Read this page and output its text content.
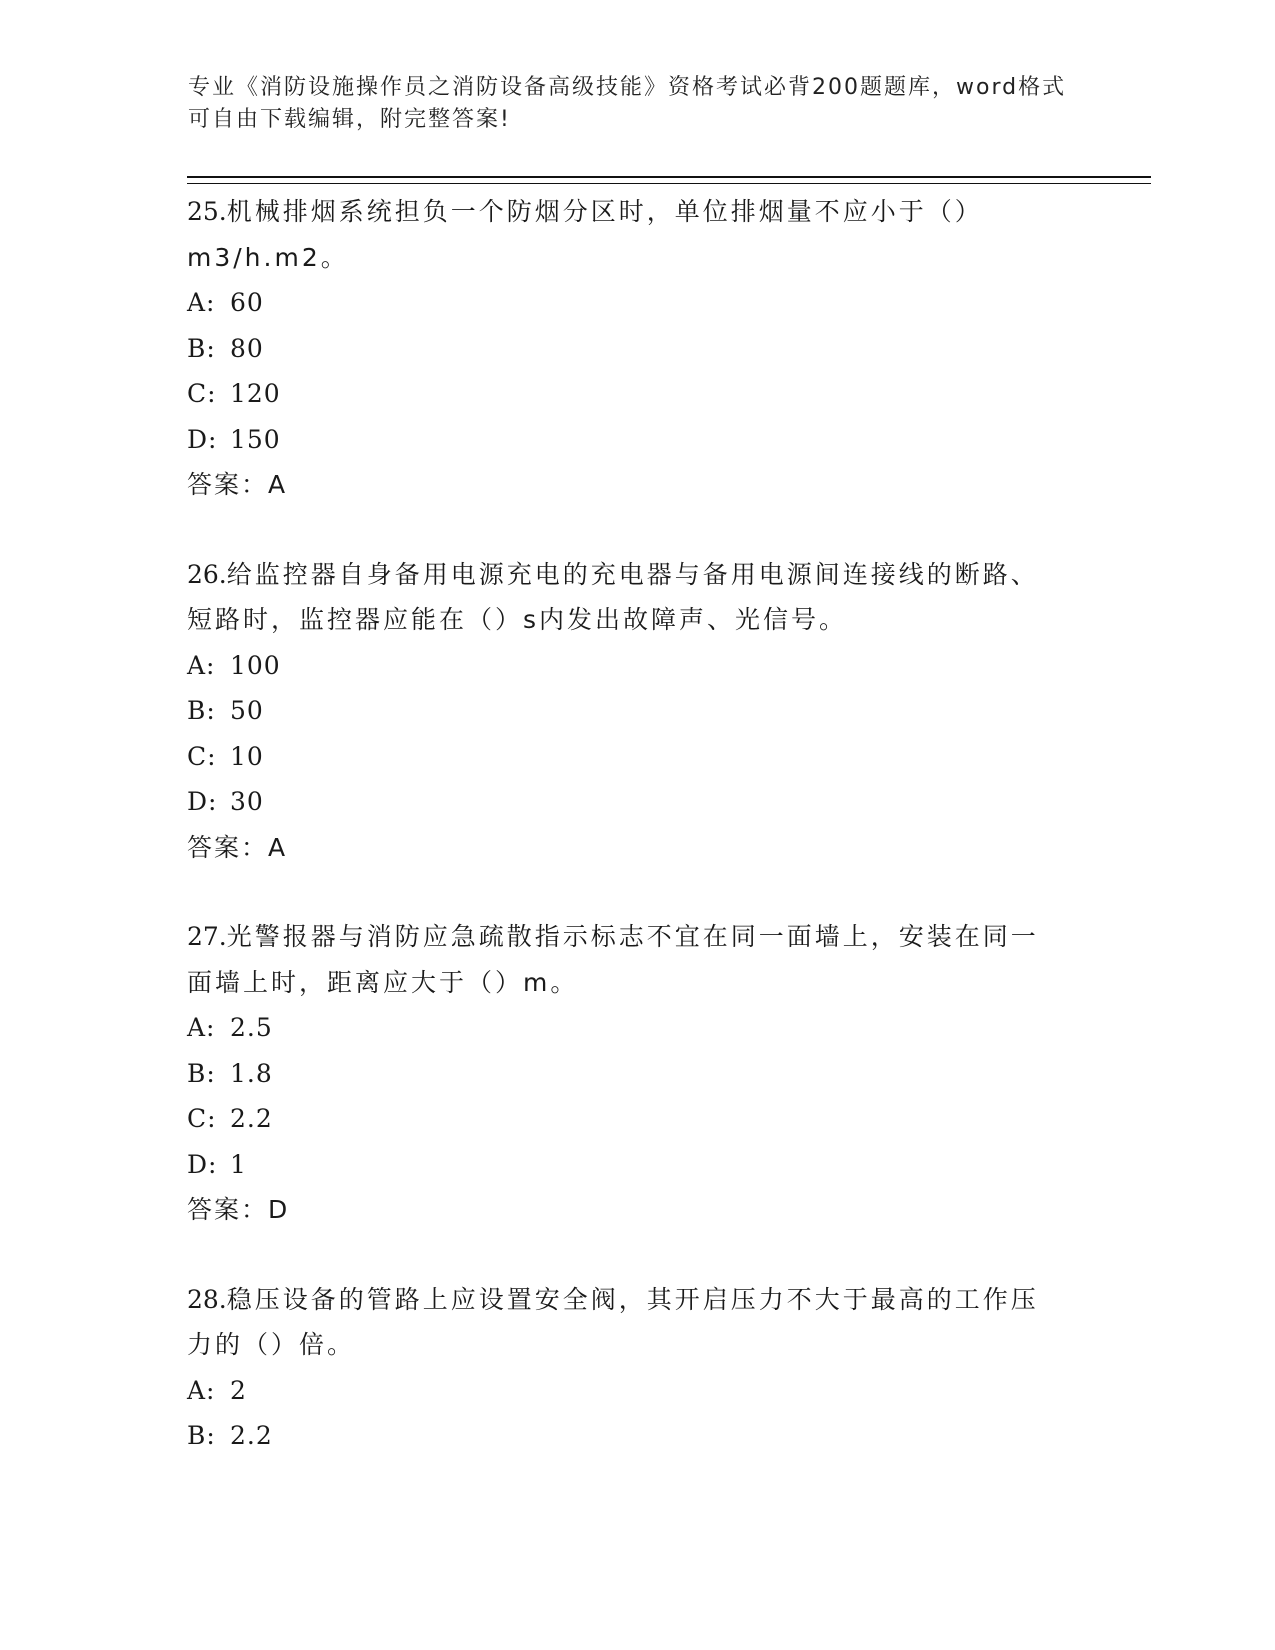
专业《消防设施操作员之消防设备高级技能》资格考试必背200题题库，word格式可自由下载编辑，附完整答案!

25.机械排烟系统担负一个防烟分区时，单位排烟量不应小于（）m3/h.m2。

A: 60
B: 80
C: 120
D: 150
答案：A

26.给监控器自身备用电源充电的充电器与备用电源间连接线的断路、短路时，监控器应能在（）s内发出故障声、光信号。

A: 100
B: 50
C: 10
D: 30
答案：A

27.光警报器与消防应急疏散指示标志不宜在同一面墙上，安装在同一面墙上时，距离应大于（）m。

A: 2.5
B: 1.8
C: 2.2
D: 1
答案：D

28.稳压设备的管路上应设置安全阀，其开启压力不大于最高的工作压力的（）倍。

A: 2
B: 2.2
